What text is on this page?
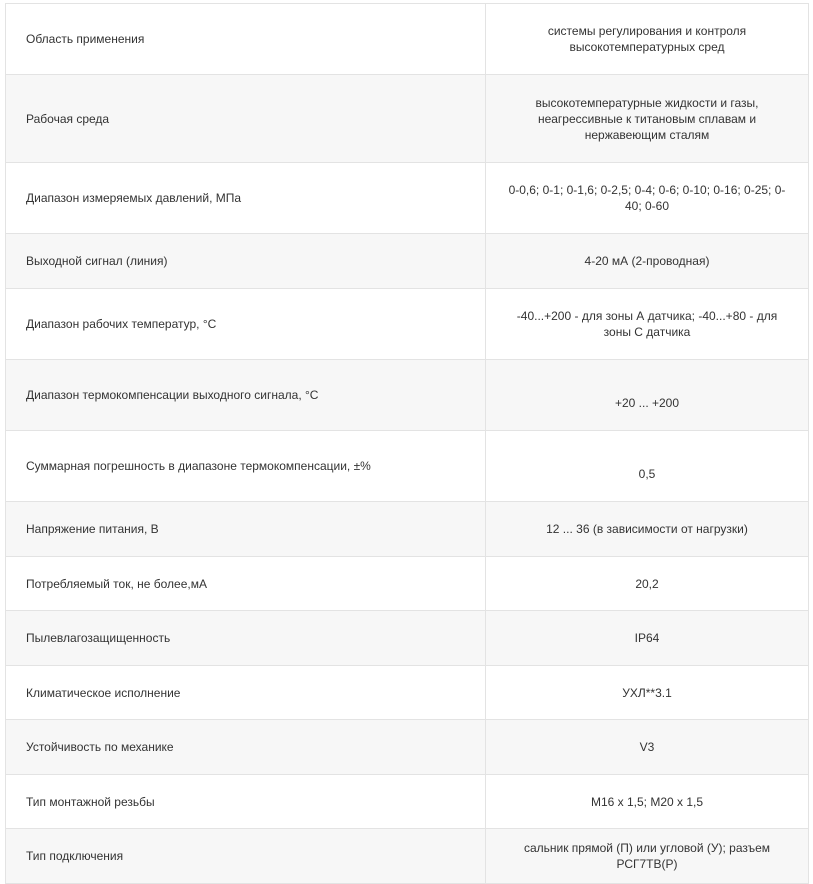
Область применения	системы регулирования и контроля высокотемпературных сред

Рабочая среда	высокотемпературные жидкости и газы, неагрессивные к титановым сплавам и нержавеющим сталям

Диапазон измеряемых давлений, МПа	0-0,6; 0-1; 0-1,6; 0-2,5; 0-4; 0-6; 0-10; 0-16; 0-25; 0-40; 0-60

Выходной сигнал (линия)	4-20 мА (2-проводная)

Диапазон рабочих температур, °С	-40...+200 - для зоны А датчика; -40...+80 - для зоны С датчика

Диапазон термокомпенсации выходного сигнала, °С	+20 ... +200

Суммарная погрешность в диапазоне термокомпенсации, ±%	0,5

Напряжение питания, В	12 ... 36 (в зависимости от нагрузки)

Потребляемый ток, не более,мА	20,2

Пылевлагозащищенность	IP64

Климатическое исполнение	УХЛ**3.1

Устойчивость по механике	V3

Тип монтажной резьбы	М16 х 1,5; М20 х 1,5

Тип подключения	сальник прямой (П) или угловой (У); разъем РСГ7ТВ(Р)
